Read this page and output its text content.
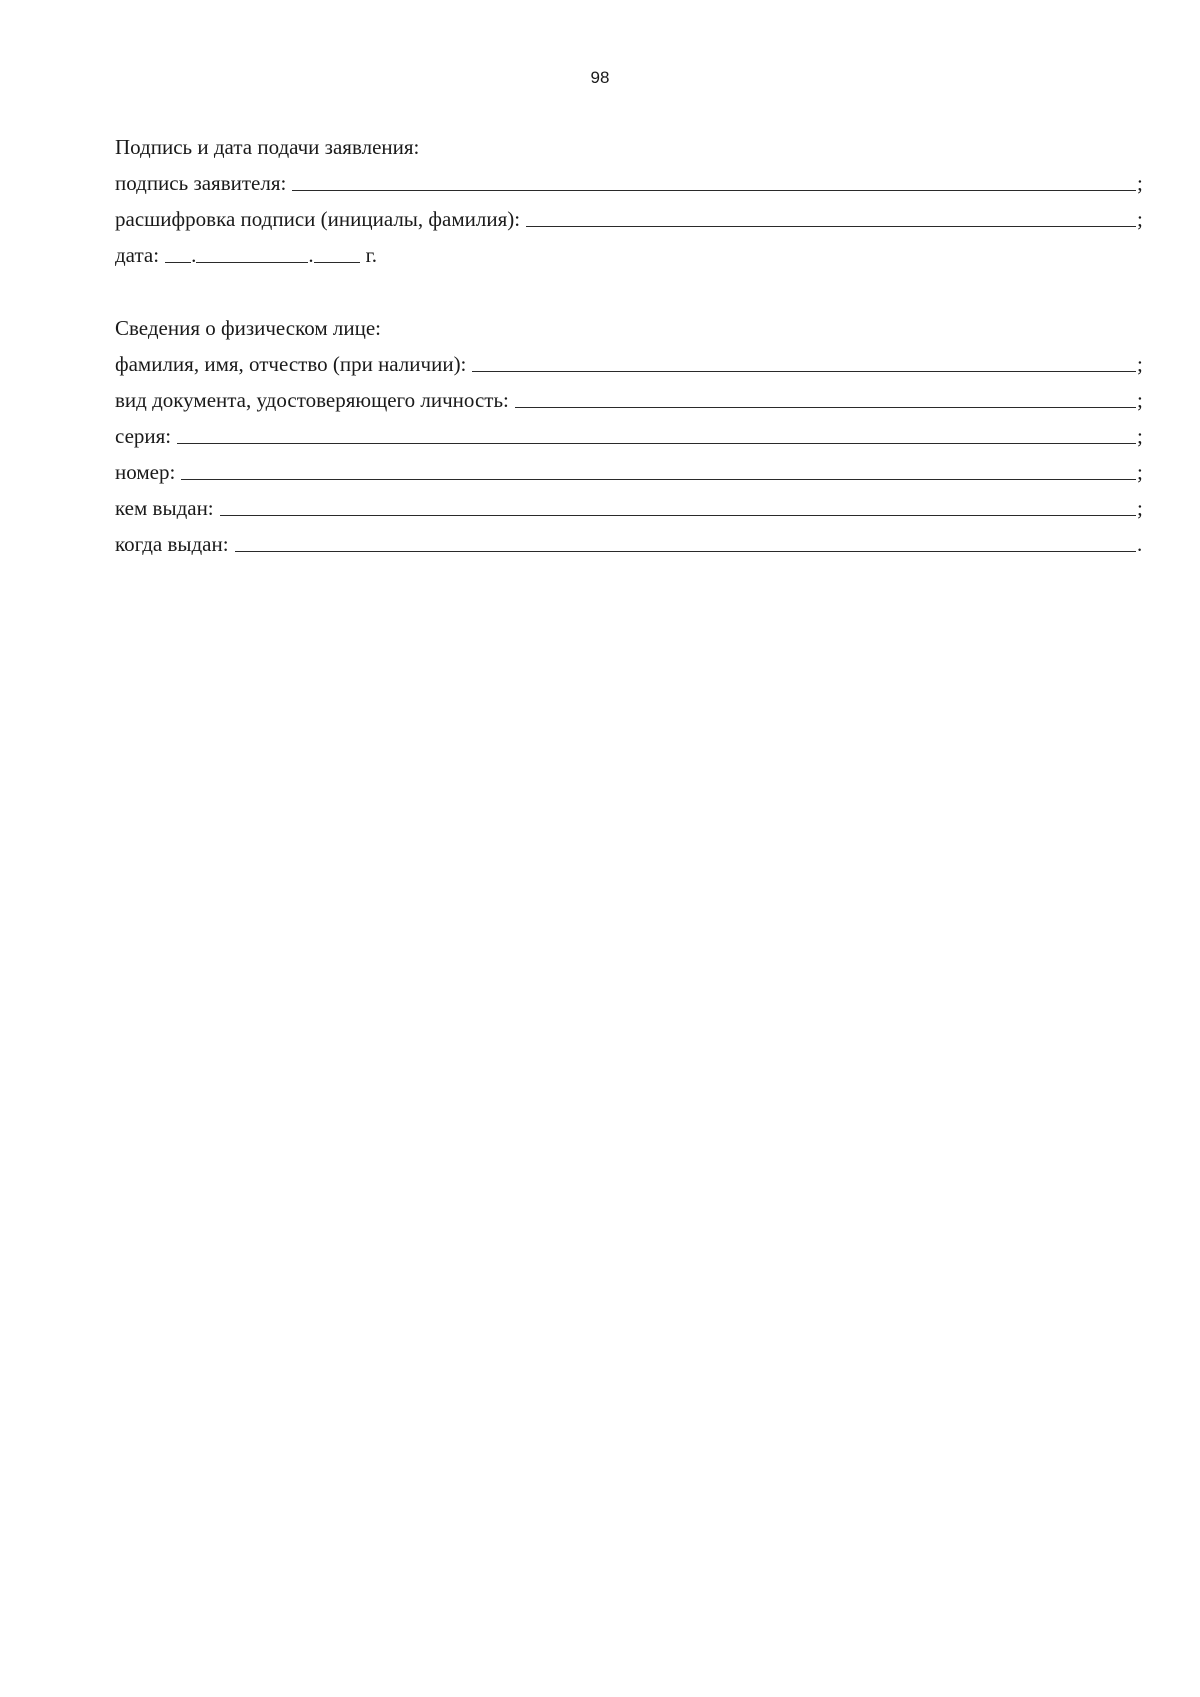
98
Подпись и дата подачи заявления:
подпись заявителя:	;
расшифровка подписи (инициалы, фамилия):	;
дата: .	. г.
Сведения о физическом лице:
фамилия, имя, отчество (при наличии):	;
вид документа, удостоверяющего личность:	;
серия:	;
номер:	;
кем выдан:	;
когда выдан:	.
